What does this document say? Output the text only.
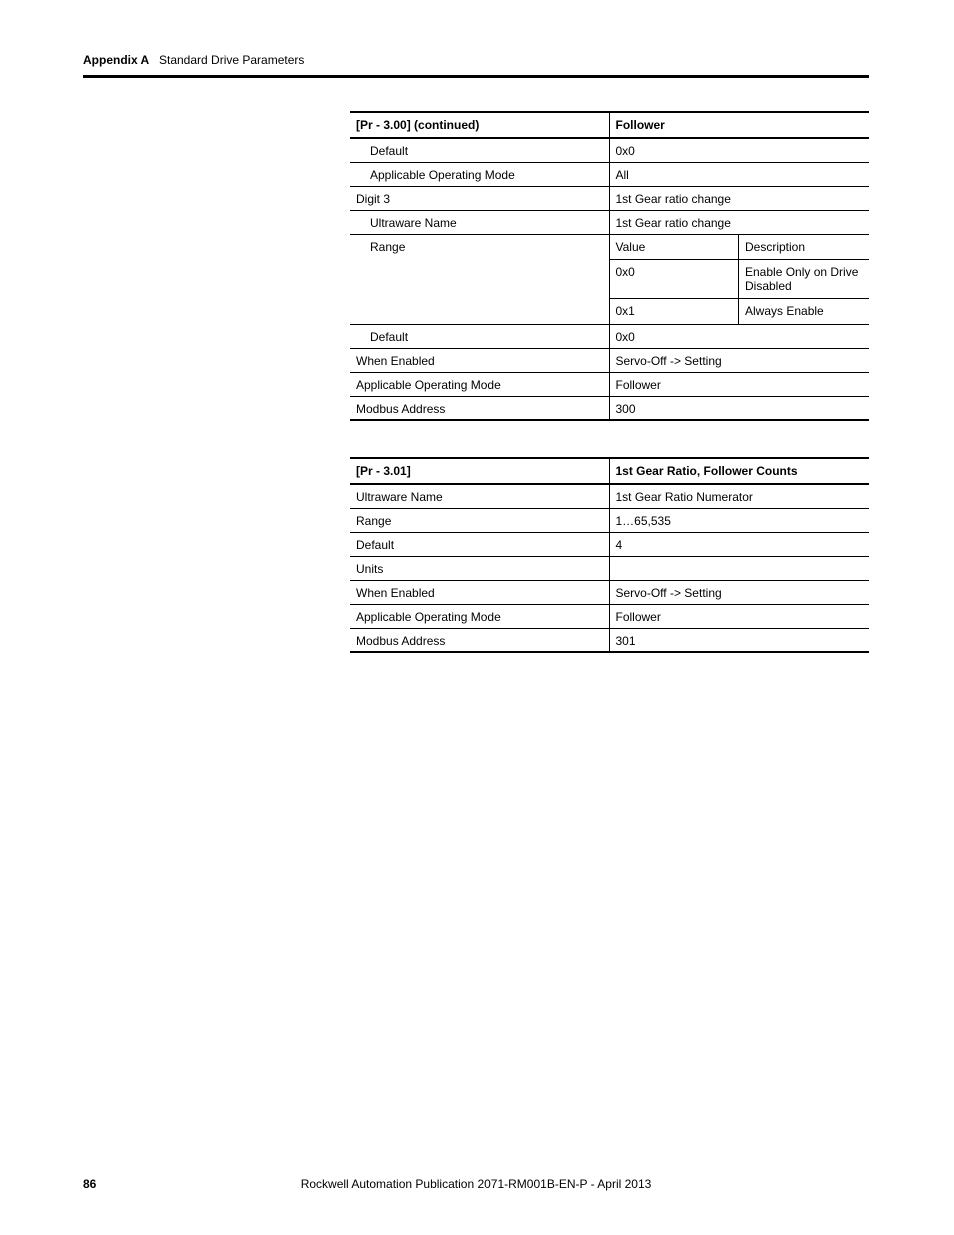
Appendix A Standard Drive Parameters
[Pr - 3.00] (continued)	Follower
Default	0x0
Applicable Operating Mode	All
Digit 3	1st Gear ratio change
Ultraware Name	1st Gear ratio change
Range		Value	Description
0x0	Enable Only on Drive Disabled
0x1	Always Enable

Default	0x0
When Enabled	Servo-Off -> Setting
Applicable Operating Mode	Follower
Modbus Address	300
[Pr - 3.01]	1st Gear Ratio, Follower Counts
Ultraware Name	1st Gear Ratio Numerator
Range	1…65,535
Default	4
Units	
When Enabled	Servo-Off -> Setting
Applicable Operating Mode	Follower
Modbus Address	301
86	Rockwell Automation Publication 2071-RM001B-EN-P - April 2013
